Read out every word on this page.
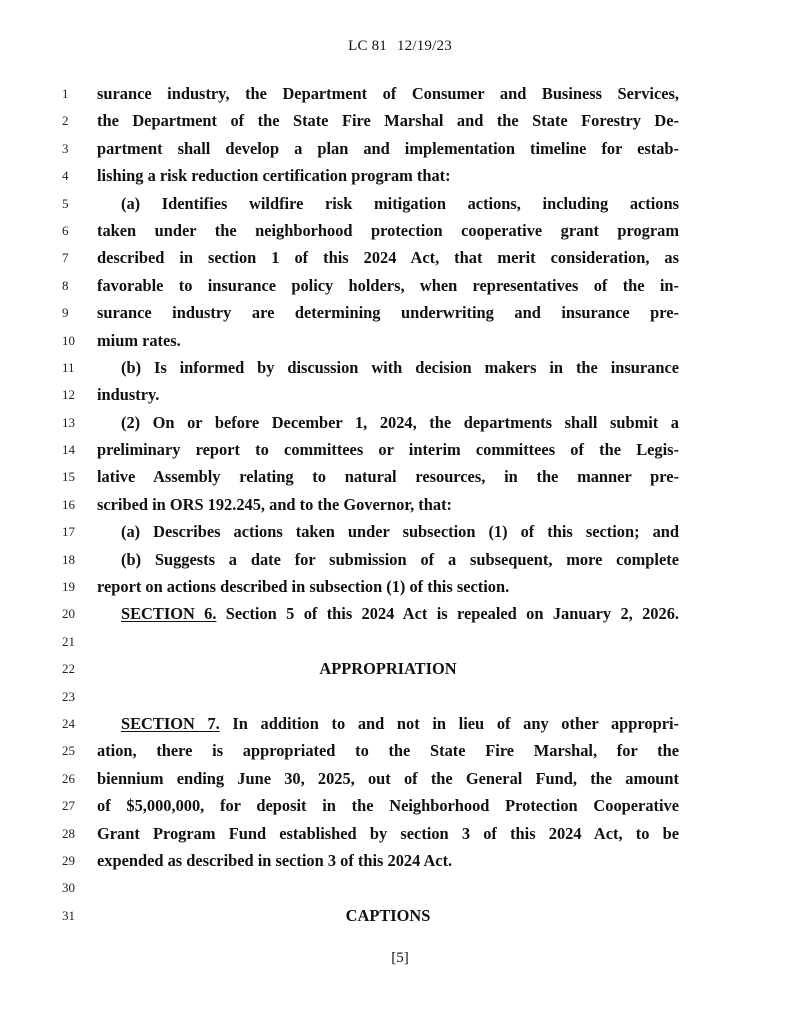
LC 81 12/19/23
1	surance industry, the Department of Consumer and Business Services,
2	the Department of the State Fire Marshal and the State Forestry De-
3	partment shall develop a plan and implementation timeline for estab-
4	lishing a risk reduction certification program that:
5	(a) Identifies wildfire risk mitigation actions, including actions
6	taken under the neighborhood protection cooperative grant program
7	described in section 1 of this 2024 Act, that merit consideration, as
8	favorable to insurance policy holders, when representatives of the in-
9	surance industry are determining underwriting and insurance pre-
10	mium rates.
11	(b) Is informed by discussion with decision makers in the insurance
12	industry.
13	(2) On or before December 1, 2024, the departments shall submit a
14	preliminary report to committees or interim committees of the Legis-
15	lative Assembly relating to natural resources, in the manner pre-
16	scribed in ORS 192.245, and to the Governor, that:
17	(a) Describes actions taken under subsection (1) of this section; and
18	(b) Suggests a date for submission of a subsequent, more complete
19	report on actions described in subsection (1) of this section.
20	SECTION 6. Section 5 of this 2024 Act is repealed on January 2, 2026.
21
22	APPROPRIATION
23
24	SECTION 7. In addition to and not in lieu of any other appropri-
25	ation, there is appropriated to the State Fire Marshal, for the
26	biennium ending June 30, 2025, out of the General Fund, the amount
27	of $5,000,000, for deposit in the Neighborhood Protection Cooperative
28	Grant Program Fund established by section 3 of this 2024 Act, to be
29	expended as described in section 3 of this 2024 Act.
30
31	CAPTIONS
[5]
